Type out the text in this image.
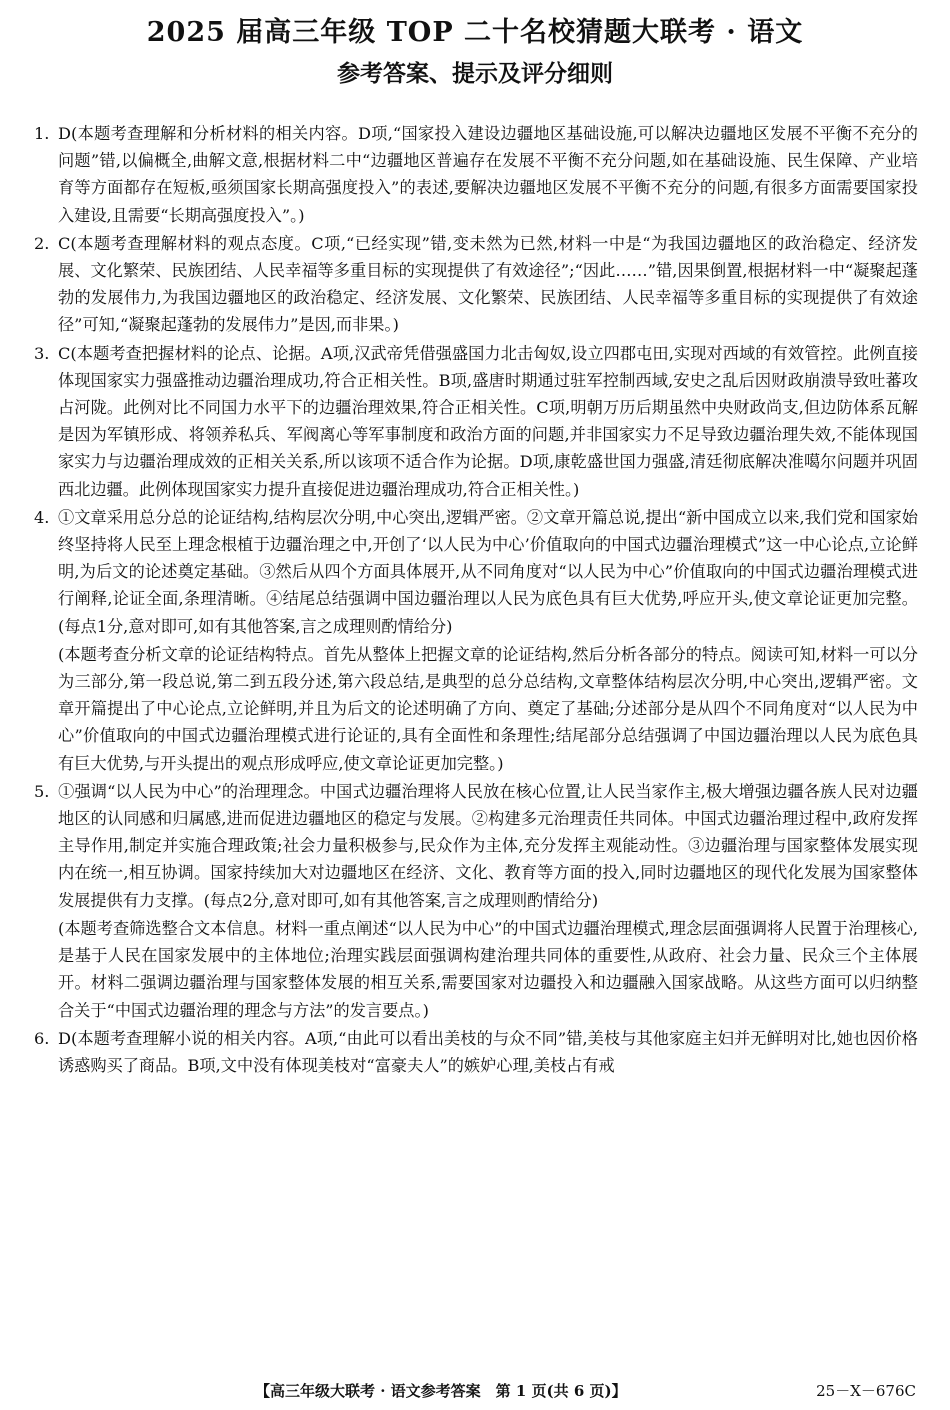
2025 届高三年级 TOP 二十名校猜题大联考 · 语文
参考答案、提示及评分细则

1. D(本题考查理解和分析材料的相关内容。D项,“国家投入建设边疆地区基础设施,可以解决边疆地区发展不平衡不充分的问题”错,以偏概全,曲解文意,根据材料二中“边疆地区普遍存在发展不平衡不充分问题,如在基础设施、民生保障、产业培育等方面都存在短板,亟须国家长期高强度投入”的表述,要解决边疆地区发展不平衡不充分的问题,有很多方面需要国家投入建设,且需要“长期高强度投入”。)

2. C(本题考查理解材料的观点态度。C项,“已经实现”错,变未然为已然,材料一中是“为我国边疆地区的政治稳定、经济发展、文化繁荣、民族团结、人民幸福等多重目标的实现提供了有效途径”;“因此……”错,因果倒置,根据材料一中“凝聚起蓬勃的发展伟力,为我国边疆地区的政治稳定、经济发展、文化繁荣、民族团结、人民幸福等多重目标的实现提供了有效途径”可知,“凝聚起蓬勃的发展伟力”是因,而非果。)

3. C(本题考查把握材料的论点、论据。A项,汉武帝凭借强盛国力北击匈奴,设立四郡屯田,实现对西域的有效管控。此例直接体现国家实力强盛推动边疆治理成功,符合正相关性。B项,盛唐时期通过驻军控制西域,安史之乱后因财政崩溃导致吐蕃攻占河陇。此例对比不同国力水平下的边疆治理效果,符合正相关性。C项,明朝万历后期虽然中央财政尚支,但边防体系瓦解是因为军镇形成、将领养私兵、军阀离心等军事制度和政治方面的问题,并非国家实力不足导致边疆治理失效,不能体现国家实力与边疆治理成效的正相关关系,所以该项不适合作为论据。D项,康乾盛世国力强盛,清廷彻底解决准噶尔问题并巩固西北边疆。此例体现国家实力提升直接促进边疆治理成功,符合正相关性。)

4. ①文章采用总分总的论证结构,结构层次分明,中心突出,逻辑严密。②文章开篇总说,提出“新中国成立以来,我们党和国家始终坚持将人民至上理念根植于边疆治理之中,开创了‘以人民为中心’价值取向的中国式边疆治理模式”这一中心论点,立论鲜明,为后文的论述奠定基础。③然后从四个方面具体展开,从不同角度对“以人民为中心”价值取向的中国式边疆治理模式进行阐释,论证全面,条理清晰。④结尾总结强调中国边疆治理以人民为底色具有巨大优势,呼应开头,使文章论证更加完整。(每点1分,意对即可,如有其他答案,言之成理则酌情给分)

(本题考查分析文章的论证结构特点。首先从整体上把握文章的论证结构,然后分析各部分的特点。阅读可知,材料一可以分为三部分,第一段总说,第二到五段分述,第六段总结,是典型的总分总结构,文章整体结构层次分明,中心突出,逻辑严密。文章开篇提出了中心论点,立论鲜明,并且为后文的论述明确了方向、奠定了基础;分述部分是从四个不同角度对“以人民为中心”价值取向的中国式边疆治理模式进行论证的,具有全面性和条理性;结尾部分总结强调了中国边疆治理以人民为底色具有巨大优势,与开头提出的观点形成呼应,使文章论证更加完整。)

5. ①强调“以人民为中心”的治理理念。中国式边疆治理将人民放在核心位置,让人民当家作主,极大增强边疆各族人民对边疆地区的认同感和归属感,进而促进边疆地区的稳定与发展。②构建多元治理责任共同体。中国式边疆治理过程中,政府发挥主导作用,制定并实施合理政策;社会力量积极参与,民众作为主体,充分发挥主观能动性。③边疆治理与国家整体发展实现内在统一,相互协调。国家持续加大对边疆地区在经济、文化、教育等方面的投入,同时边疆地区的现代化发展为国家整体发展提供有力支撑。(每点2分,意对即可,如有其他答案,言之成理则酌情给分)

(本题考查筛选整合文本信息。材料一重点阐述“以人民为中心”的中国式边疆治理模式,理念层面强调将人民置于治理核心,是基于人民在国家发展中的主体地位;治理实践层面强调构建治理共同体的重要性,从政府、社会力量、民众三个主体展开。材料二强调边疆治理与国家整体发展的相互关系,需要国家对边疆投入和边疆融入国家战略。从这些方面可以归纳整合关于“中国式边疆治理的理念与方法”的发言要点。)

6. D(本题考查理解小说的相关内容。A项,“由此可以看出美枝的与众不同”错,美枝与其他家庭主妇并无鲜明对比,她也因价格诱惑购买了商品。B项,文中没有体现美枝对“富豪夫人”的嫉妒心理,美枝占有戒

【高三年级大联考 · 语文参考答案　第 1 页(共 6 页)】	25－X－676C
